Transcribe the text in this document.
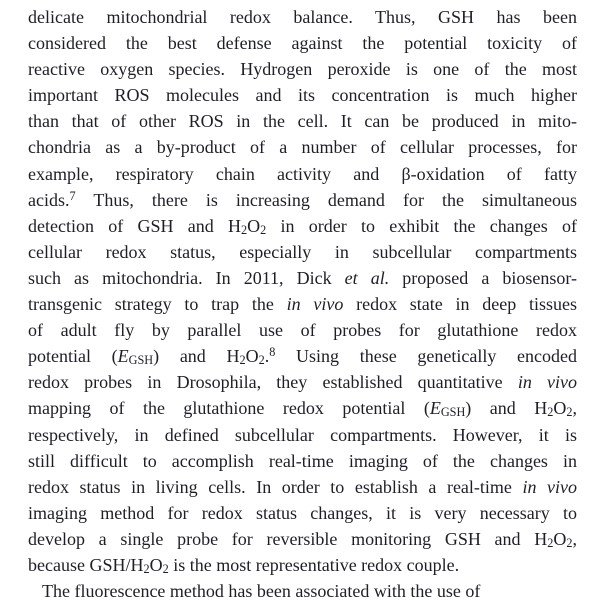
delicate mitochondrial redox balance. Thus, GSH has been
considered the best defense against the potential toxicity of
reactive oxygen species. Hydrogen peroxide is one of the most
important ROS molecules and its concentration is much higher
than that of other ROS in the cell. It can be produced in mito-
chondria as a by-product of a number of cellular processes, for
example, respiratory chain activity and β-oxidation of fatty
acids.$^7$ Thus, there is increasing demand for the simultaneous
detection of GSH and $H_2O_2$ in order to exhibit the changes of
cellular redox status, especially in subcellular compartments
such as mitochondria. In 2011, Dick et al. proposed a biosensor-
transgenic strategy to trap the in vivo redox state in deep tissues
of adult fly by parallel use of probes for glutathione redox
potential $(E_{GSH})$ and $H_2O_2.^8$ Using these genetically encoded
redox probes in Drosophila, they established quantitative in vivo
mapping of the glutathione redox potential $(E_{GSH})$ and $H_2O_2$,
respectively, in defined subcellular compartments. However, it is
still difficult to accomplish real-time imaging of the changes in
redox status in living cells. In order to establish a real-time in vivo
imaging method for redox status changes, it is very necessary to
develop a single probe for reversible monitoring GSH and $H_2O_2$,
because GSH/$H_2O_2$ is the most representative redox couple.
The fluorescence method has been associated with the use of
